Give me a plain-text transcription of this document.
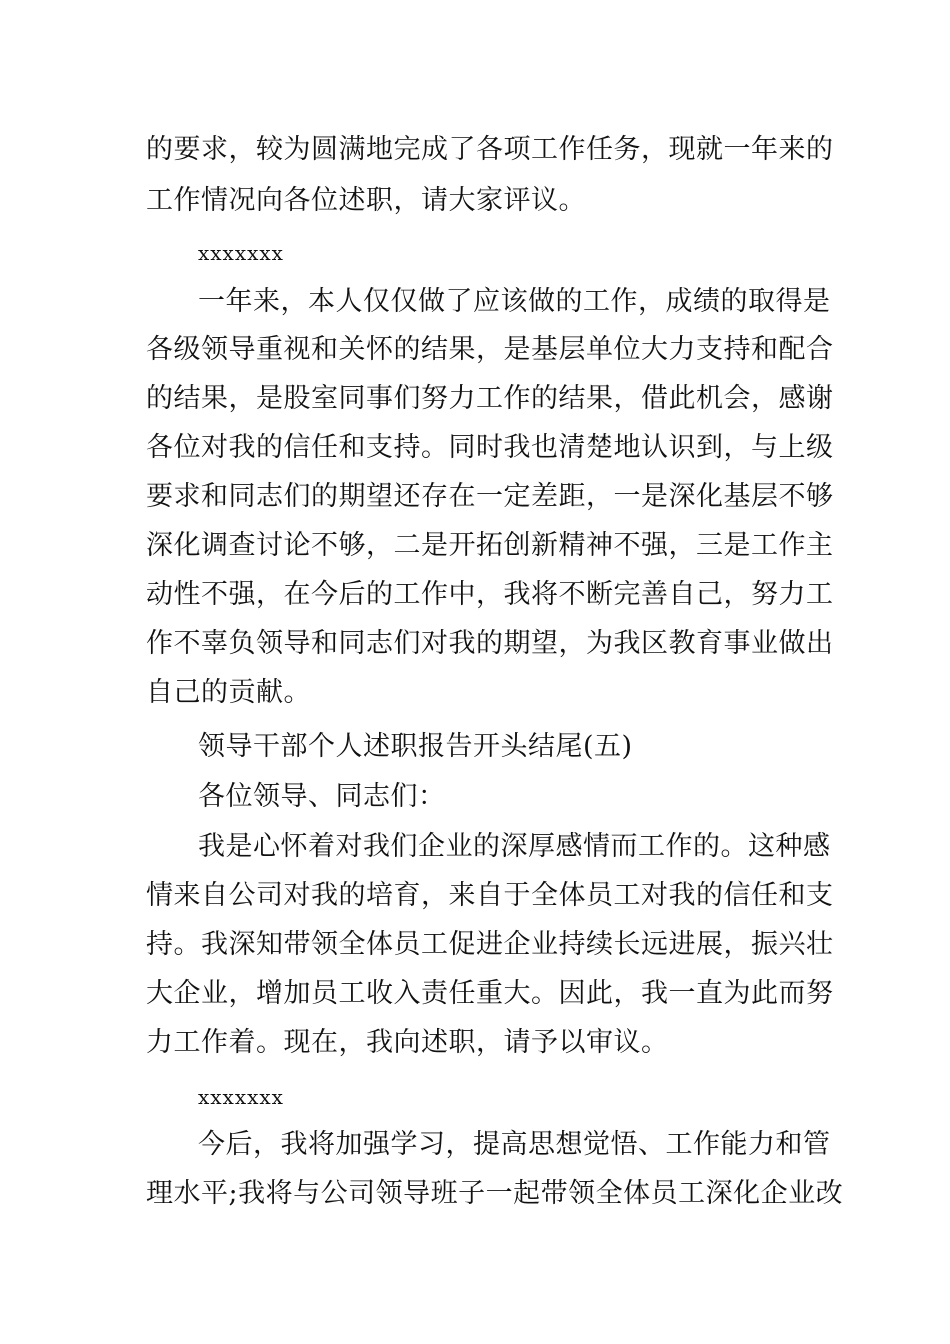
的要求，较为圆满地完成了各项工作任务，现就一年来的
工作情况向各位述职，请大家评议。
xxxxxxx
一年来，本人仅仅做了应该做的工作，成绩的取得是
各级领导重视和关怀的结果，是基层单位大力支持和配合
的结果，是股室同事们努力工作的结果，借此机会，感谢
各位对我的信任和支持。同时我也清楚地认识到，与上级
要求和同志们的期望还存在一定差距，一是深化基层不够
深化调查讨论不够，二是开拓创新精神不强，三是工作主
动性不强，在今后的工作中，我将不断完善自己，努力工
作不辜负领导和同志们对我的期望，为我区教育事业做出
自己的贡献。
领导干部个人述职报告开头结尾(五)
各位领导、同志们：
我是心怀着对我们企业的深厚感情而工作的。这种感
情来自公司对我的培育，来自于全体员工对我的信任和支
持。我深知带领全体员工促进企业持续长远进展，振兴壮
大企业，增加员工收入责任重大。因此，我一直为此而努
力工作着。现在，我向述职，请予以审议。
xxxxxxx
今后，我将加强学习，提高思想觉悟、工作能力和管
理水平;我将与公司领导班子一起带领全体员工深化企业改
